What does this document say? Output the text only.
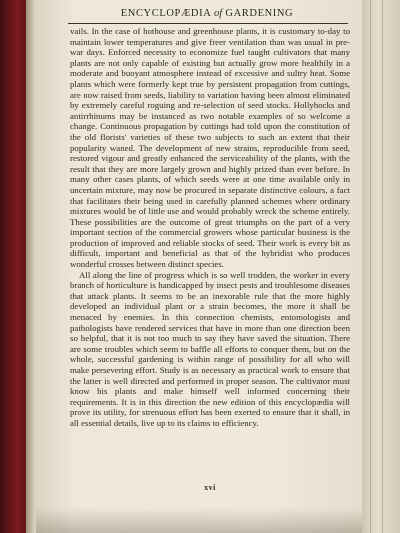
ENCYCLOPÆDIA of GARDENING

vails. In the case of hothouse and greenhouse plants, it is customary to-day to maintain lower temperatures and give freer ventilation than was usual in pre-war days. Enforced necessity to economize fuel taught cultivators that many plants are not only capable of existing but actually grow more healthily in a moderate and buoyant atmosphere instead of excessive and sultry heat. Some plants which were formerly kept true by persistent propagation from cuttings, are now raised from seeds, liability to variation having been almost eliminated by extremely careful roguing and re-selection of seed stocks. Hollyhocks and antirrhinums may be instanced as two notable examples of so welcome a change. Continuous propagation by cuttings had told upon the constitution of the old florists' varieties of these two subjects to such an extent that their popularity waned. The development of new strains, reproducible from seed, restored vigour and greatly enhanced the serviceability of the plants, with the result that they are more largely grown and highly prized than ever before. In many other cases plants, of which seeds were at one time available only in uncertain mixture, may now be procured in separate distinctive colours, a fact that facilitates their being used in carefully planned schemes where ordinary mixtures would be of little use and would probably wreck the scheme entirely. These possibilities are the outcome of great triumphs on the part of a very important section of the commercial growers whose particular business is the production of improved and reliable stocks of seed. Their work is every bit as difficult, important and beneficial as that of the hybridist who produces wonderful crosses between distinct species.

All along the line of progress which is so well trodden, the worker in every branch of horticulture is handicapped by insect pests and troublesome diseases that attack plants. It seems to be an inexorable rule that the more highly developed an individual plant or a strain becomes, the more it shall be menaced by enemies. In this connection chemists, entomologists and pathologists have rendered services that have in more than one direction been so helpful, that it is not too much to say they have saved the situation. There are some troubles which seem to baffle all efforts to conquer them, but on the whole, successful gardening is within range of possibility for all who will make persevering effort. Study is as necessary as practical work to ensure that the latter is well directed and performed in proper season. The cultivator must know his plants and make himself well informed concerning their requirements. It is in this direction the new edition of this encyclopædia will prove its utility, for strenuous effort has been exerted to ensure that it shall, in all essential details, live up to its claims to efficiency.

xvi
